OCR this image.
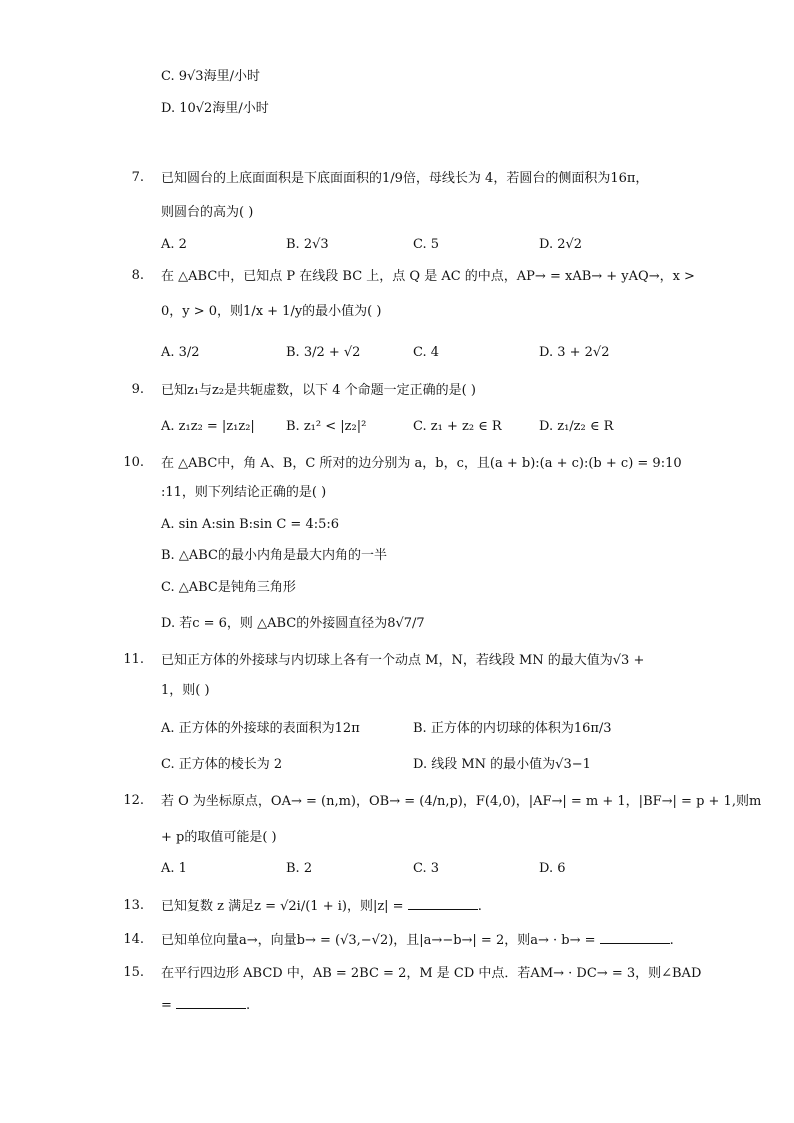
C. 9√3海里/小时
D. 10√2海里/小时
7. 已知圆台的上底面面积是下底面面积的1/9倍，母线长为 4，若圆台的侧面积为16π，
则圆台的高为( )
A. 2	B. 2√3	C. 5	D. 2√2
8. 在 △ABC中，已知点 P 在线段 BC 上，点 Q 是 AC 的中点，AP→ = xAB→ + yAQ→，x >
0，y > 0，则1/x + 1/y的最小值为( )
A. 3/2	B. 3/2 + √2	C. 4	D. 3 + 2√2
9. 已知z₁与z₂是共轭虚数，以下 4 个命题一定正确的是( )
A. z₁z₂ = |z₁z₂| B. z₁² < |z₂|²	C. z₁ + z₂ ∈ R	D. z₁/z₂ ∈ R
10. 在 △ABC中，角 A、B，C 所对的边分别为 a，b，c，且(a + b):(a + c):(b + c) = 9:10
:11，则下列结论正确的是( )
A. sin A:sin B:sin C = 4:5:6
B. △ABC的最小内角是最大内角的一半
C. △ABC是钝角三角形
D. 若c = 6，则 △ABC的外接圆直径为8√7/7
11. 已知正方体的外接球与内切球上各有一个动点 M，N，若线段 MN 的最大值为√3 +
1，则( )
A. 正方体的外接球的表面积为12π	B. 正方体的内切球的体积为16π/3
C. 正方体的棱长为 2	D. 线段 MN 的最小值为√3−1
12. 若 O 为坐标原点，OA→ = (n,m)，OB→ = (4/n,p)，F(4,0)，|AF→| = m + 1，|BF→| = p + 1,则m
+ p的取值可能是( )
A. 1	B. 2	C. 3	D. 6
13. 已知复数 z 满足z = √2i/(1 + i)，则|z| =	.
14. 已知单位向量a→，向量b→ = (√3,−√2)，且|a→−b→| = 2，则a→ · b→ =	.
15. 在平行四边形 ABCD 中，AB = 2BC = 2，M 是 CD 中点．若AM→ · DC→ = 3，则∠BAD
=	.
